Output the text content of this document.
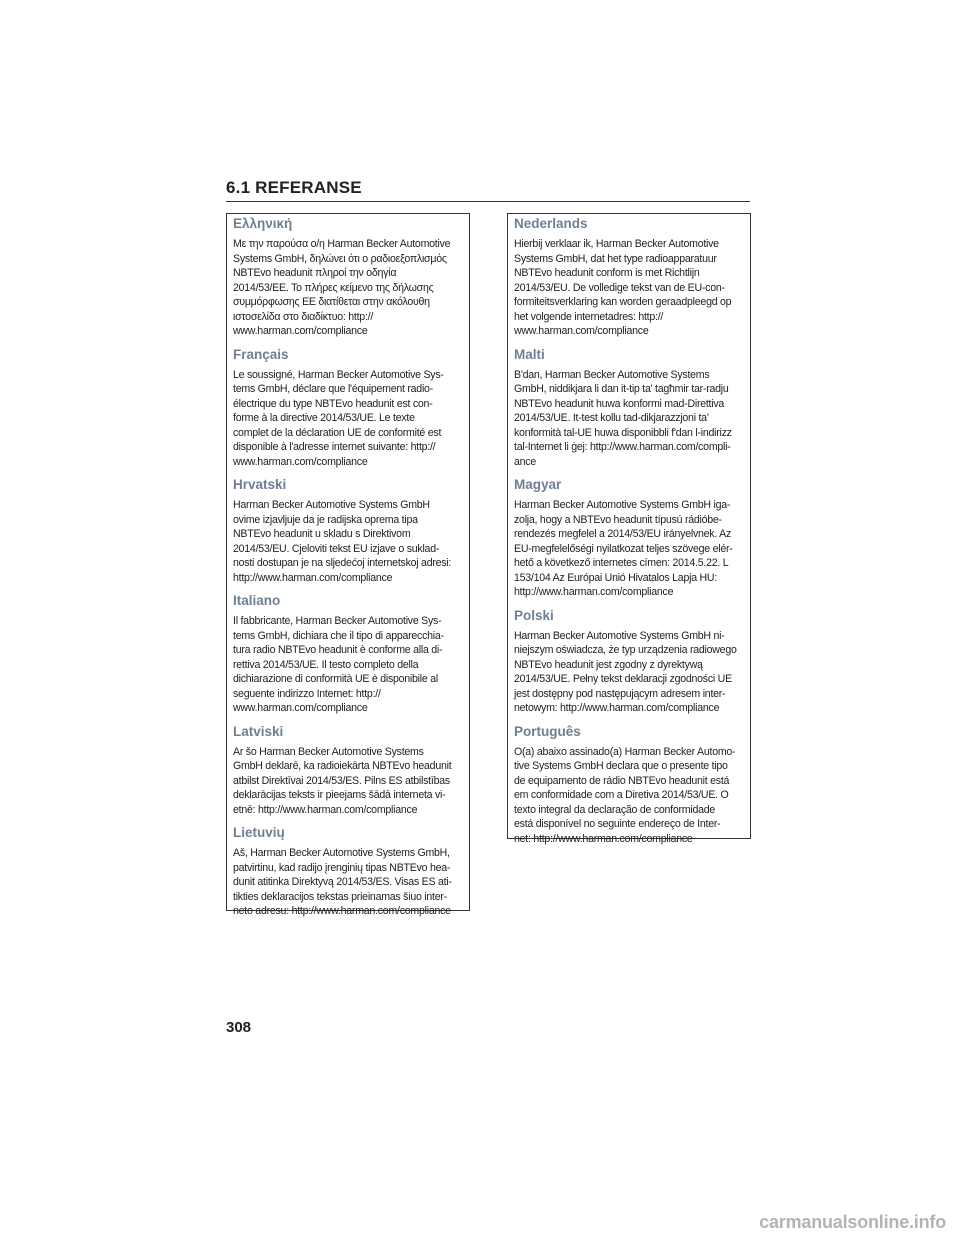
6.1 REFERANSE
Ελληνική

Με την παρούσα ο/η Harman Becker Automotive
Systems GmbH, δηλώνει ότι ο ραδιοεξοπλισμός
NBTEvo headunit πληροί την οδηγία
2014/53/ΕΕ. Το πλήρες κείμενο της δήλωσης
συμμόρφωσης ΕΕ διατίθεται στην ακόλουθη
ιστοσελίδα στο διαδίκτυο: http://
www.harman.com/compliance

Français

Le soussigné, Harman Becker Automotive Sys-
tems GmbH, déclare que l'équipement radio-
électrique du type NBTEvo headunit est con-
forme à la directive 2014/53/UE. Le texte
complet de la déclaration UE de conformité est
disponible à l'adresse internet suivante: http://
www.harman.com/compliance

Hrvatski

Harman Becker Automotive Systems GmbH
ovime izjavljuje da je radijska oprema tipa
NBTEvo headunit u skladu s Direktivom
2014/53/EU. Cjeloviti tekst EU izjave o suklad-
nosti dostupan je na sljedećoj internetskoj adresi:
http://www.harman.com/compliance

Italiano

Il fabbricante, Harman Becker Automotive Sys-
tems GmbH, dichiara che il tipo di apparecchia-
tura radio NBTEvo headunit è conforme alla di-
rettiva 2014/53/UE. Il testo completo della
dichiarazione di conformità UE è disponibile al
seguente indirizzo Internet: http://
www.harman.com/compliance

Latviski

Ar šo Harman Becker Automotive Systems
GmbH deklarē, ka radioiekārta NBTEvo headunit
atbilst Direktīvai 2014/53/ES. Pilns ES atbilstības
deklarācijas teksts ir pieejams šādā interneta vi-
etnē: http://www.harman.com/compliance

Lietuvių

Aš, Harman Becker Automotive Systems GmbH,
patvirtinu, kad radijo įrenginių tipas NBTEvo hea-
dunit atitinka Direktyvą 2014/53/ES. Visas ES ati-
tikties deklaracijos tekstas prieinamas šiuo inter-
neto adresu: http://www.harman.com/compliance

Nederlands

Hierbij verklaar ik, Harman Becker Automotive
Systems GmbH, dat het type radioapparatuur
NBTEvo headunit conform is met Richtlijn
2014/53/EU. De volledige tekst van de EU-con-
formiteitsverklaring kan worden geraadpleegd op
het volgende internetadres: http://
www.harman.com/compliance

Malti

B'dan, Harman Becker Automotive Systems
GmbH, niddikjara li dan it-tip ta' tagħmir tar-radju
NBTEvo headunit huwa konformi mad-Direttiva
2014/53/UE. It-test kollu tad-dikjarazzjoni ta'
konformità tal-UE huwa disponibbli f'dan l-indirizz
tal-Internet li ġej: http://www.harman.com/compli-
ance

Magyar

Harman Becker Automotive Systems GmbH iga-
zolja, hogy a NBTEvo headunit típusú rádióbe-
rendezés megfelel a 2014/53/EU irányelvnek. Az
EU-megfelelőségi nyilatkozat teljes szövege elér-
hető a következő internetes címen: 2014.5.22. L
153/104 Az Európai Unió Hivatalos Lapja HU:
http://www.harman.com/compliance

Polski

Harman Becker Automotive Systems GmbH ni-
niejszym oświadcza, że typ urządzenia radiowego
NBTEvo headunit jest zgodny z dyrektywą
2014/53/UE. Pełny tekst deklaracji zgodności UE
jest dostępny pod następującym adresem inter-
netowym: http://www.harman.com/compliance

Português

O(a) abaixo assinado(a) Harman Becker Automo-
tive Systems GmbH declara que o presente tipo
de equipamento de rádio NBTEvo headunit está
em conformidade com a Diretiva 2014/53/UE. O
texto integral da declaração de conformidade
está disponível no seguinte endereço de Inter-
net: http://www.harman.com/compliance

308
carmanualsonline.info
